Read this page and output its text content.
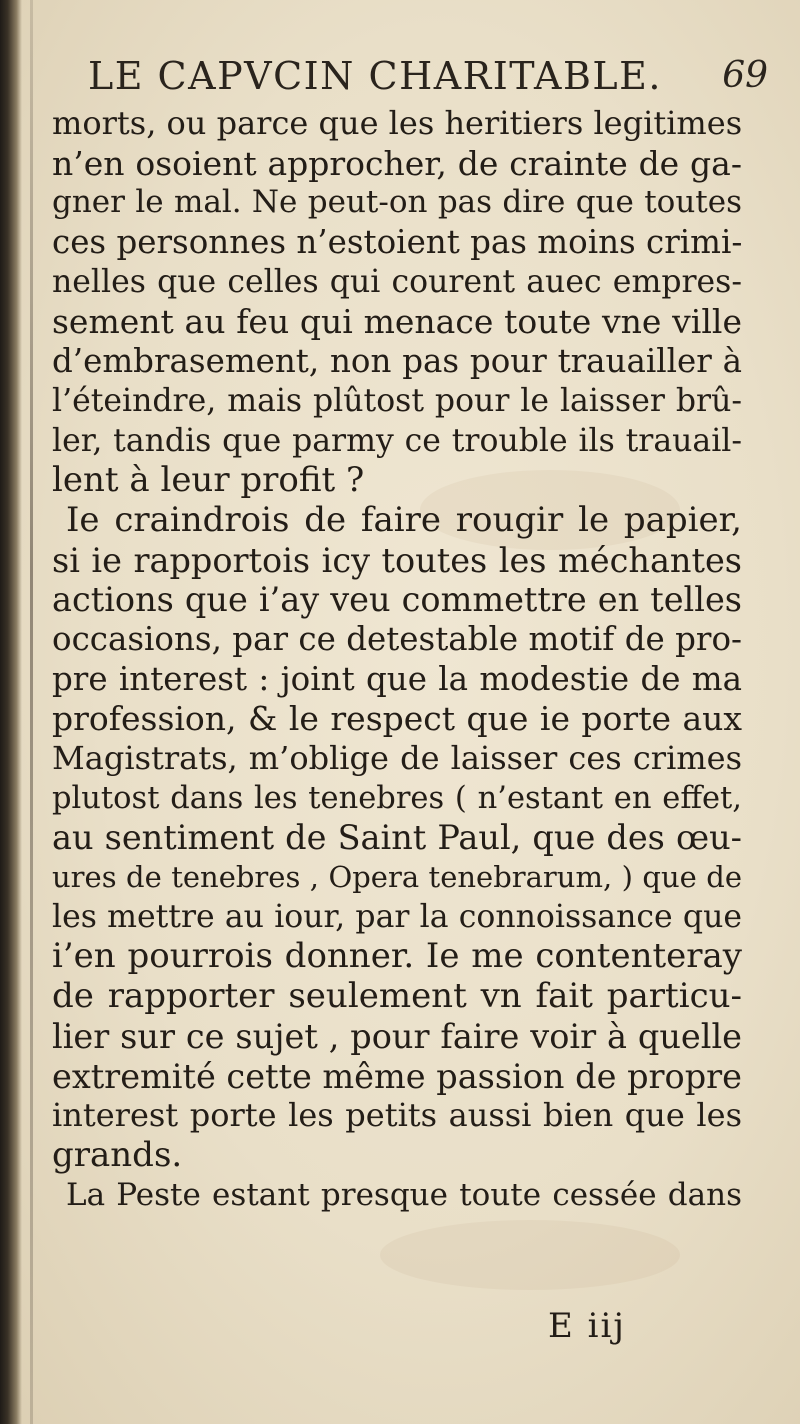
LE CAPVCIN CHARITABLE. 69
morts, ou parce que les heritiers legitimes
n’en osoient approcher, de crainte de ga-
gner le mal. Ne peut-on pas dire que toutes
ces personnes n’estoient pas moins crimi-
nelles que celles qui courent auec empres-
sement au feu qui menace toute vne ville
d’embrasement, non pas pour trauailler à
l’éteindre, mais plûtost pour le laisser brû-
ler, tandis que parmy ce trouble ils trauail-
lent à leur profit ?
Ie craindrois de faire rougir le papier,
si ie rapportois icy toutes les méchantes
actions que i’ay veu commettre en telles
occasions, par ce detestable motif de pro-
pre interest : joint que la modestie de ma
profession, & le respect que ie porte aux
Magistrats, m’oblige de laisser ces crimes
plutost dans les tenebres ( n’estant en effet,
au sentiment de Saint Paul, que des œu-
ures de tenebres , Opera tenebrarum, ) que de
les mettre au iour, par la connoissance que
i’en pourrois donner. Ie me contenteray
de rapporter seulement vn fait particu-
lier sur ce sujet , pour faire voir à quelle
extremité cette même passion de propre
interest porte les petits aussi bien que les
grands.
La Peste estant presque toute cessée dans
E iij
